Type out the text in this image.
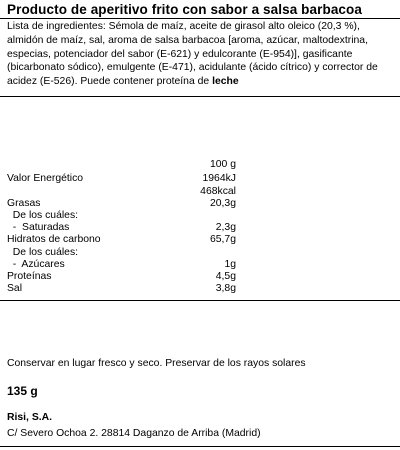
Producto de aperitivo frito con sabor a salsa barbacoa
Lista de ingredientes: Sémola de maíz, aceite de girasol alto oleico (20,3 %), almidón de maíz, sal, aroma de salsa barbacoa [aroma, azúcar, maltodextrina, especias, potenciador del sabor (E-621) y edulcorante (E-954)], gasificante (bicarbonato sódico), emulgente (E-471), acidulante (ácido cítrico) y corrector de acidez (E-526). Puede contener proteína de leche
100 g
Valor Energético	1964kJ
468kcal
Grasas	20,3g
De los cuáles:
-  Saturadas	2,3g
Hidratos de carbono	65,7g
De los cuáles:
-  Azúcares	1g
Proteínas	4,5g
Sal	3,8g
Conservar en lugar fresco y seco. Preservar de los rayos solares
135 g
Risi, S.A.
C/ Severo Ochoa 2. 28814 Daganzo de Arriba (Madrid)
